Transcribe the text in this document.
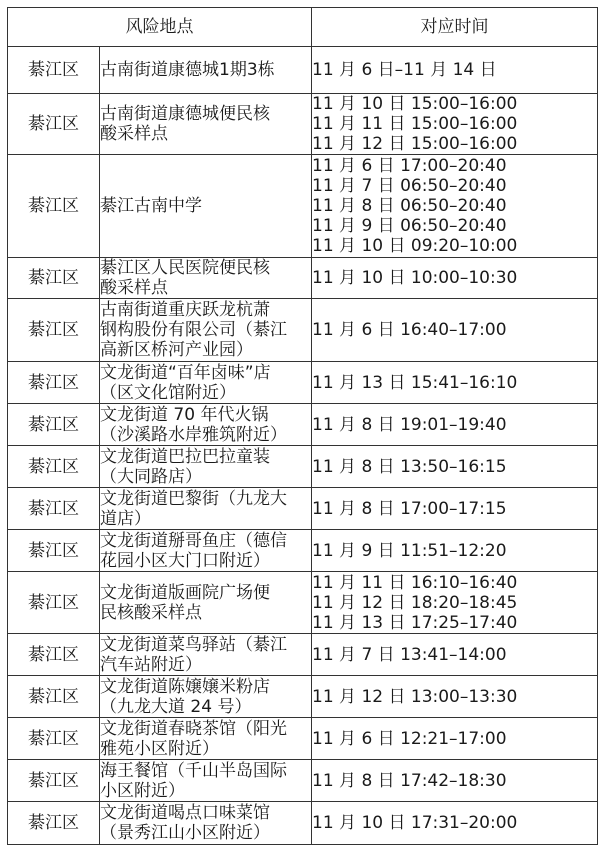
风险地点		对应时间
綦江区	古南街道康德城1期3栋	11 月 6 日–11 月 14 日

綦江区	古南街道康德城便民核
酸采样点	11 月 10 日 15:00–16:00
11 月 11 日 15:00–16:00
11 月 12 日 15:00–16:00

綦江区	綦江古南中学	11 月 6 日 17:00–20:40
11 月 7 日 06:50–20:40
11 月 8 日 06:50–20:40
11 月 9 日 06:50–20:40
11 月 10 日 09:20–10:00

綦江区	綦江区人民医院便民核
酸采样点	11 月 10 日 10:00–10:30

綦江区	古南街道重庆跃龙杭萧
钢构股份有限公司（綦江
高新区桥河产业园）	11 月 6 日 16:40–17:00

綦江区	文龙街道“百年卤味”店
（区文化馆附近）	11 月 13 日 15:41–16:10

綦江区	文龙街道 70 年代火锅
（沙溪路水岸雅筑附近）	11 月 8 日 19:01–19:40

綦江区	文龙街道巴拉巴拉童装
（大同路店）	11 月 8 日 13:50–16:15

綦江区	文龙街道巴黎街（九龙大
道店）	11 月 8 日 17:00–17:15

綦江区	文龙街道掰哥鱼庄（德信
花园小区大门口附近）	11 月 9 日 11:51–12:20

綦江区	文龙街道版画院广场便
民核酸采样点	11 月 11 日 16:10–16:40
11 月 12 日 18:20–18:45
11 月 13 日 17:25–17:40

綦江区	文龙街道菜鸟驿站（綦江
汽车站附近）	11 月 7 日 13:41–14:00

綦江区	文龙街道陈嬢嬢米粉店
（九龙大道 24 号）	11 月 12 日 13:00–13:30

綦江区	文龙街道春晓茶馆（阳光
雅苑小区附近）	11 月 6 日 12:21–17:00

綦江区	海王餐馆（千山半岛国际
小区附近）	11 月 8 日 17:42–18:30

綦江区	文龙街道喝点口味菜馆
（景秀江山小区附近）	11 月 10 日 17:31–20:00
